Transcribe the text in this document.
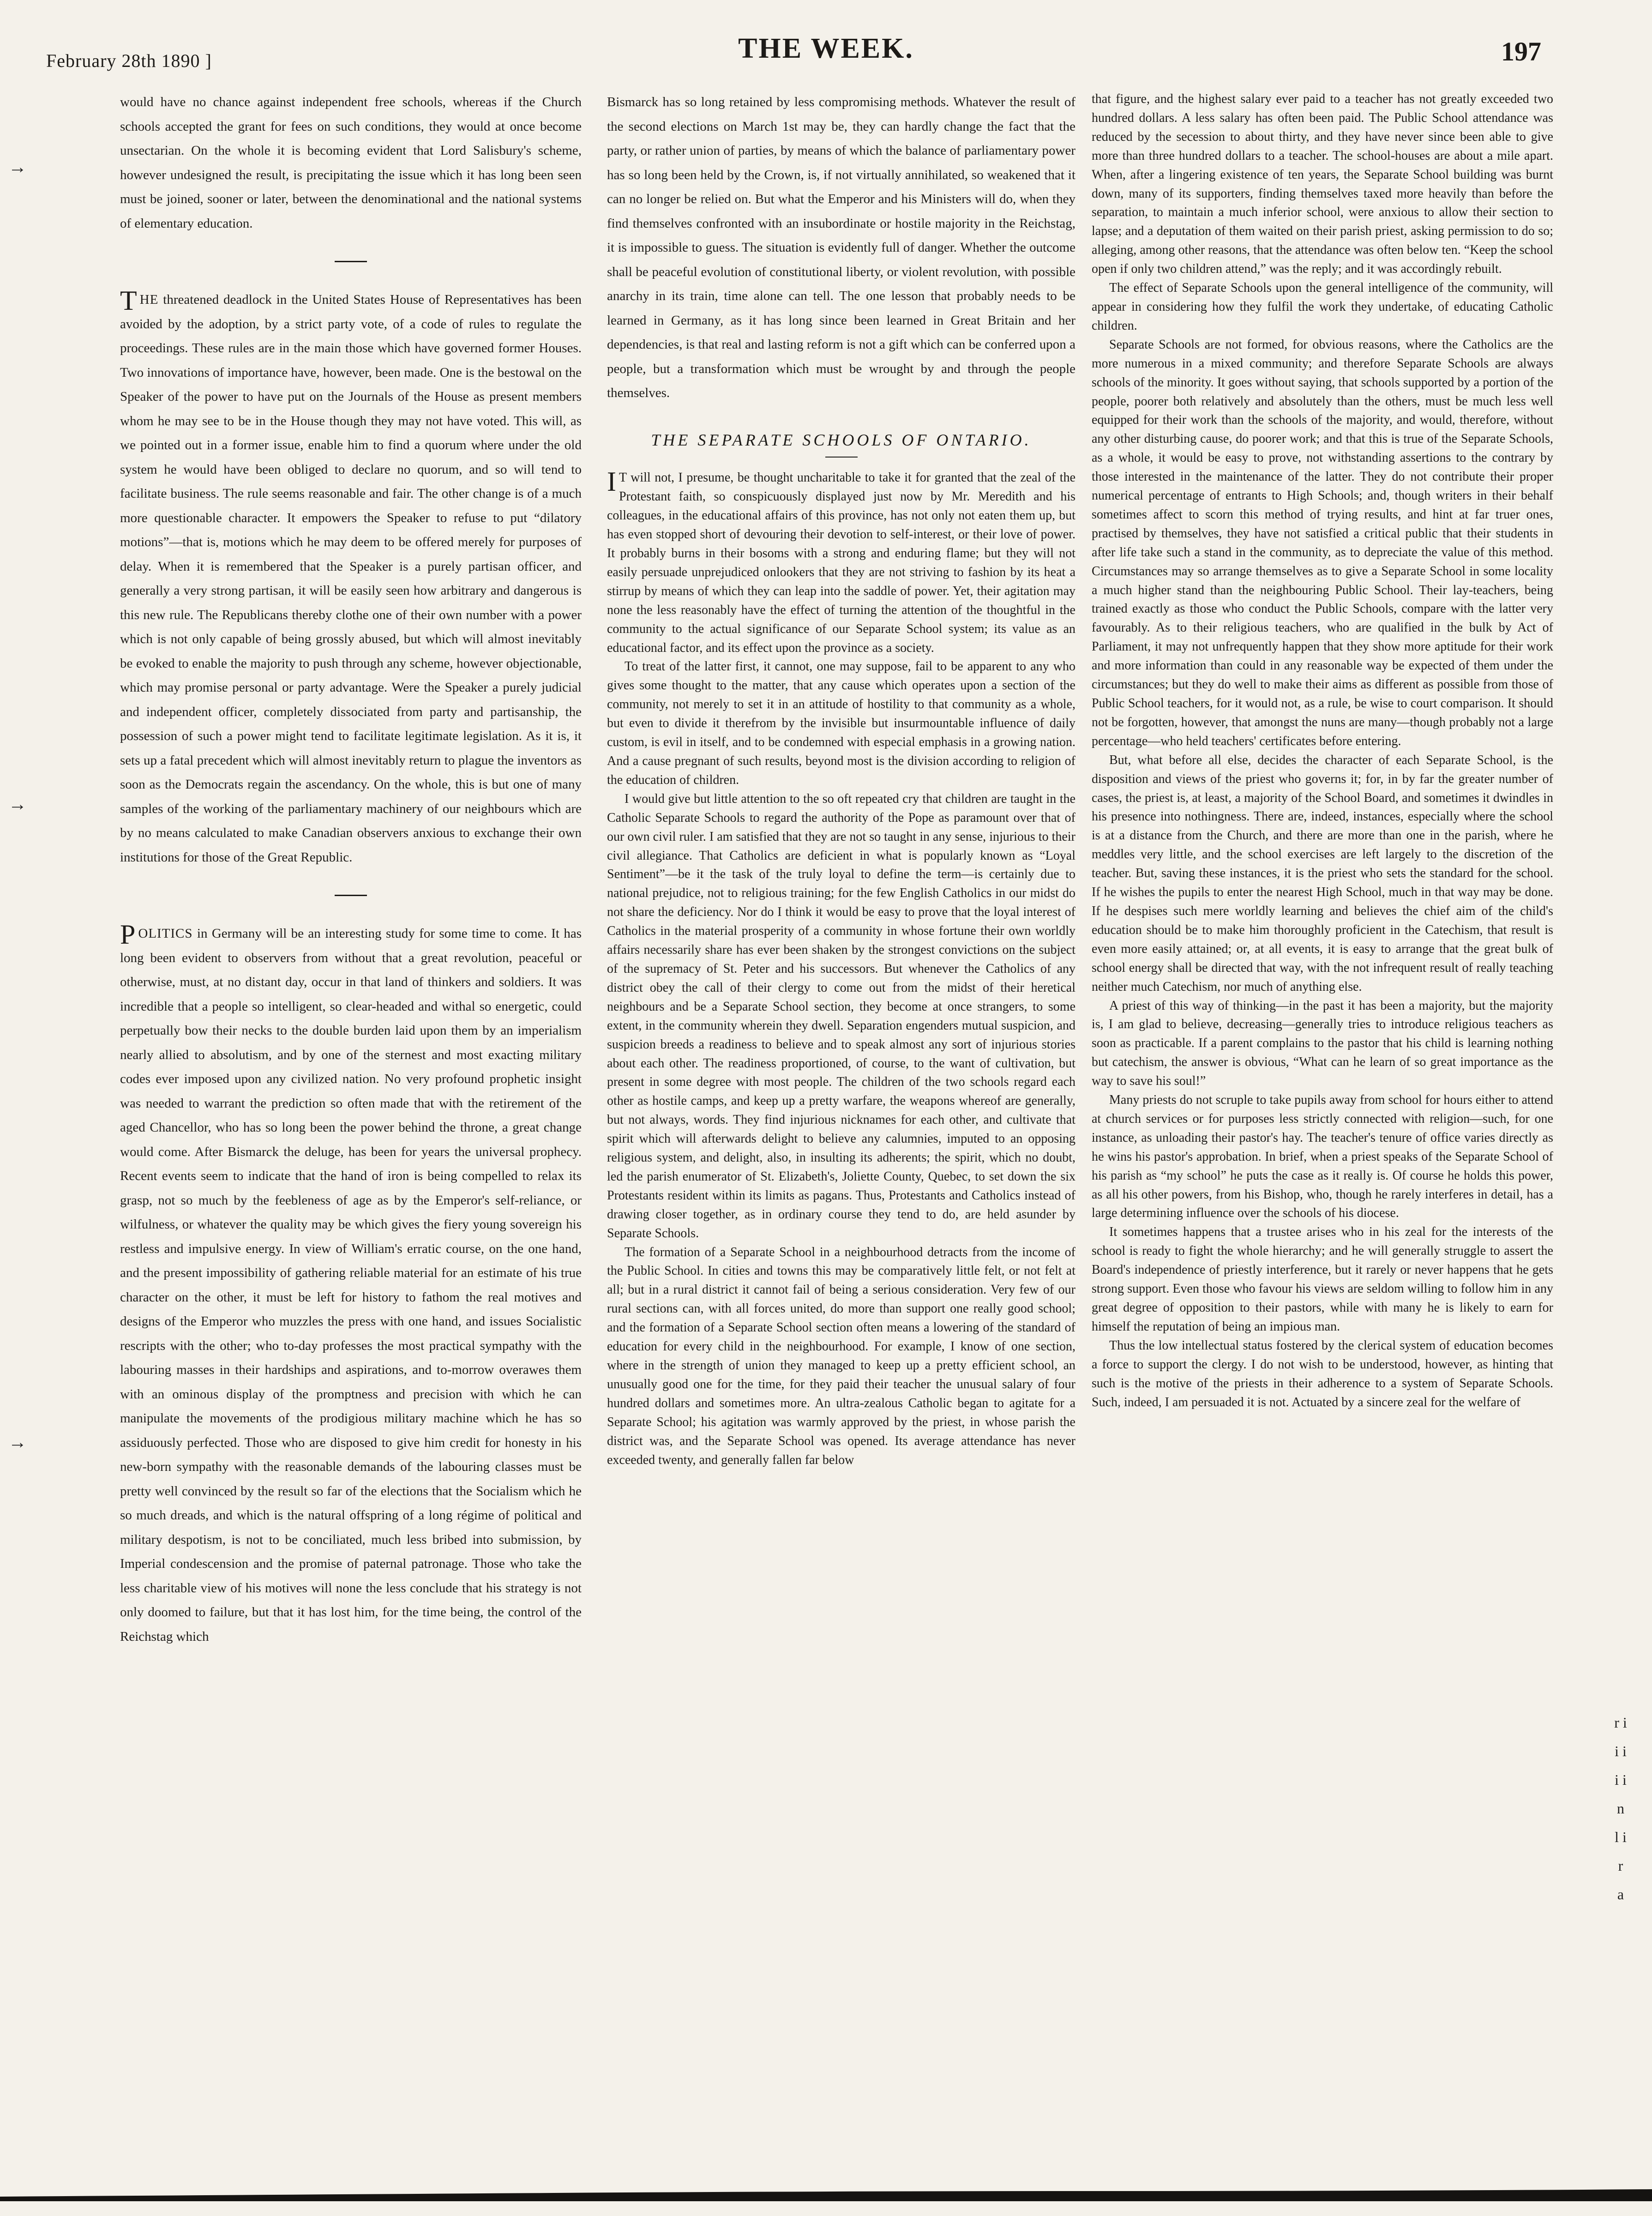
February 28th 1890 ]	THE WEEK.	197
→
→
→

would have no chance against independent free schools, whereas if the Church schools accepted the grant for fees on such conditions, they would at once become unsectarian. On the whole it is becoming evident that Lord Salisbury's scheme, however undesigned the result, is precipitating the issue which it has long been seen must be joined, sooner or later, between the denominational and the national systems of elementary education.

THE threatened deadlock in the United States House of Representatives has been avoided by the adoption, by a strict party vote, of a code of rules to regulate the proceedings. These rules are in the main those which have governed former Houses. Two innovations of importance have, however, been made. One is the bestowal on the Speaker of the power to have put on the Journals of the House as present members whom he may see to be in the House though they may not have voted. This will, as we pointed out in a former issue, enable him to find a quorum where under the old system he would have been obliged to declare no quorum, and so will tend to facilitate business. The rule seems reasonable and fair. The other change is of a much more questionable character. It empowers the Speaker to refuse to put “dilatory motions”—that is, motions which he may deem to be offered merely for purposes of delay. When it is remembered that the Speaker is a purely partisan officer, and generally a very strong partisan, it will be easily seen how arbitrary and dangerous is this new rule. The Republicans thereby clothe one of their own number with a power which is not only capable of being grossly abused, but which will almost inevitably be evoked to enable the majority to push through any scheme, however objectionable, which may promise personal or party advantage. Were the Speaker a purely judicial and independent officer, completely dissociated from party and partisanship, the possession of such a power might tend to facilitate legitimate legislation. As it is, it sets up a fatal precedent which will almost inevitably return to plague the inventors as soon as the Democrats regain the ascendancy. On the whole, this is but one of many samples of the working of the parliamentary machinery of our neighbours which are by no means calculated to make Canadian observers anxious to exchange their own institutions for those of the Great Republic.

POLITICS in Germany will be an interesting study for some time to come. It has long been evident to observers from without that a great revolution, peaceful or otherwise, must, at no distant day, occur in that land of thinkers and soldiers. It was incredible that a people so intelligent, so clear-headed and withal so energetic, could perpetually bow their necks to the double burden laid upon them by an imperialism nearly allied to absolutism, and by one of the sternest and most exacting military codes ever imposed upon any civilized nation. No very profound prophetic insight was needed to warrant the prediction so often made that with the retirement of the aged Chancellor, who has so long been the power behind the throne, a great change would come. After Bismarck the deluge, has been for years the universal prophecy. Recent events seem to indicate that the hand of iron is being compelled to relax its grasp, not so much by the feebleness of age as by the Emperor's self-reliance, or wilfulness, or whatever the quality may be which gives the fiery young sovereign his restless and impulsive energy. In view of William's erratic course, on the one hand, and the present impossibility of gathering reliable material for an estimate of his true character on the other, it must be left for history to fathom the real motives and designs of the Emperor who muzzles the press with one hand, and issues Socialistic rescripts with the other; who to-day professes the most practical sympathy with the labouring masses in their hardships and aspirations, and to-morrow overawes them with an ominous display of the promptness and precision with which he can manipulate the movements of the prodigious military machine which he has so assiduously perfected. Those who are disposed to give him credit for honesty in his new-born sympathy with the reasonable demands of the labouring classes must be pretty well convinced by the result so far of the elections that the Socialism which he so much dreads, and which is the natural offspring of a long régime of political and military despotism, is not to be conciliated, much less bribed into submission, by Imperial condescension and the promise of paternal patronage. Those who take the less charitable view of his motives will none the less conclude that his strategy is not only doomed to failure, but that it has lost him, for the time being, the control of the Reichstag which

Bismarck has so long retained by less compromising methods. Whatever the result of the second elections on March 1st may be, they can hardly change the fact that the party, or rather union of parties, by means of which the balance of parliamentary power has so long been held by the Crown, is, if not virtually annihilated, so weakened that it can no longer be relied on. But what the Emperor and his Ministers will do, when they find themselves confronted with an insubordinate or hostile majority in the Reichstag, it is impossible to guess. The situation is evidently full of danger. Whether the outcome shall be peaceful evolution of constitutional liberty, or violent revolution, with possible anarchy in its train, time alone can tell. The one lesson that probably needs to be learned in Germany, as it has long since been learned in Great Britain and her dependencies, is that real and lasting reform is not a gift which can be conferred upon a people, but a transformation which must be wrought by and through the people themselves.

THE SEPARATE SCHOOLS OF ONTARIO.

I T will not, I presume, be thought uncharitable to take it for granted that the zeal of the Protestant faith, so conspicuously displayed just now by Mr. Meredith and his colleagues, in the educational affairs of this province, has not only not eaten them up, but has even stopped short of devouring their devotion to self-interest, or their love of power. It probably burns in their bosoms with a strong and enduring flame; but they will not easily persuade unprejudiced onlookers that they are not striving to fashion by its heat a stirrup by means of which they can leap into the saddle of power. Yet, their agitation may none the less reasonably have the effect of turning the attention of the thoughtful in the community to the actual significance of our Separate School system; its value as an educational factor, and its effect upon the province as a society.

To treat of the latter first, it cannot, one may suppose, fail to be apparent to any who gives some thought to the matter, that any cause which operates upon a section of the community, not merely to set it in an attitude of hostility to that community as a whole, but even to divide it therefrom by the invisible but insurmountable influence of daily custom, is evil in itself, and to be condemned with especial emphasis in a growing nation. And a cause pregnant of such results, beyond most is the division according to religion of the education of children.

I would give but little attention to the so oft repeated cry that children are taught in the Catholic Separate Schools to regard the authority of the Pope as paramount over that of our own civil ruler. I am satisfied that they are not so taught in any sense, injurious to their civil allegiance. That Catholics are deficient in what is popularly known as “Loyal Sentiment”—be it the task of the truly loyal to define the term—is certainly due to national prejudice, not to religious training; for the few English Catholics in our midst do not share the deficiency. Nor do I think it would be easy to prove that the loyal interest of Catholics in the material prosperity of a community in whose fortune their own worldly affairs necessarily share has ever been shaken by the strongest convictions on the subject of the supremacy of St. Peter and his successors. But whenever the Catholics of any district obey the call of their clergy to come out from the midst of their heretical neighbours and be a Separate School section, they become at once strangers, to some extent, in the community wherein they dwell. Separation engenders mutual suspicion, and suspicion breeds a readiness to believe and to speak almost any sort of injurious stories about each other. The readiness proportioned, of course, to the want of cultivation, but present in some degree with most people. The children of the two schools regard each other as hostile camps, and keep up a pretty warfare, the weapons whereof are generally, but not always, words. They find injurious nicknames for each other, and cultivate that spirit which will afterwards delight to believe any calumnies, imputed to an opposing religious system, and delight, also, in insulting its adherents; the spirit, which no doubt, led the parish enumerator of St. Elizabeth's, Joliette County, Quebec, to set down the six Protestants resident within its limits as pagans. Thus, Protestants and Catholics instead of drawing closer together, as in ordinary course they tend to do, are held asunder by Separate Schools.

The formation of a Separate School in a neighbourhood detracts from the income of the Public School. In cities and towns this may be comparatively little felt, or not felt at all; but in a rural district it cannot fail of being a serious consideration. Very few of our rural sections can, with all forces united, do more than support one really good school; and the formation of a Separate School section often means a lowering of the standard of education for every child in the neighbourhood. For example, I know of one section, where in the strength of union they managed to keep up a pretty efficient school, an unusually good one for the time, for they paid their teacher the unusual salary of four hundred dollars and sometimes more. An ultra-zealous Catholic began to agitate for a Separate School; his agitation was warmly approved by the priest, in whose parish the district was, and the Separate School was opened. Its average attendance has never exceeded twenty, and generally fallen far below

that figure, and the highest salary ever paid to a teacher has not greatly exceeded two hundred dollars. A less salary has often been paid. The Public School attendance was reduced by the secession to about thirty, and they have never since been able to give more than three hundred dollars to a teacher. The school-houses are about a mile apart. When, after a lingering existence of ten years, the Separate School building was burnt down, many of its supporters, finding themselves taxed more heavily than before the separation, to maintain a much inferior school, were anxious to allow their section to lapse; and a deputation of them waited on their parish priest, asking permission to do so; alleging, among other reasons, that the attendance was often below ten. “Keep the school open if only two children attend,” was the reply; and it was accordingly rebuilt.

The effect of Separate Schools upon the general intelligence of the community, will appear in considering how they fulfil the work they undertake, of educating Catholic children.

Separate Schools are not formed, for obvious reasons, where the Catholics are the more numerous in a mixed community; and therefore Separate Schools are always schools of the minority. It goes without saying, that schools supported by a portion of the people, poorer both relatively and absolutely than the others, must be much less well equipped for their work than the schools of the majority, and would, therefore, without any other disturbing cause, do poorer work; and that this is true of the Separate Schools, as a whole, it would be easy to prove, not withstanding assertions to the contrary by those interested in the maintenance of the latter. They do not contribute their proper numerical percentage of entrants to High Schools; and, though writers in their behalf sometimes affect to scorn this method of trying results, and hint at far truer ones, practised by themselves, they have not satisfied a critical public that their students in after life take such a stand in the community, as to depreciate the value of this method. Circumstances may so arrange themselves as to give a Separate School in some locality a much higher stand than the neighbouring Public School. Their lay-teachers, being trained exactly as those who conduct the Public Schools, compare with the latter very favourably. As to their religious teachers, who are qualified in the bulk by Act of Parliament, it may not unfrequently happen that they show more aptitude for their work and more information than could in any reasonable way be expected of them under the circumstances; but they do well to make their aims as different as possible from those of Public School teachers, for it would not, as a rule, be wise to court comparison. It should not be forgotten, however, that amongst the nuns are many—though probably not a large percentage—who held teachers' certificates before entering.

But, what before all else, decides the character of each Separate School, is the disposition and views of the priest who governs it; for, in by far the greater number of cases, the priest is, at least, a majority of the School Board, and sometimes it dwindles in his presence into nothingness. There are, indeed, instances, especially where the school is at a distance from the Church, and there are more than one in the parish, where he meddles very little, and the school exercises are left largely to the discretion of the teacher. But, saving these instances, it is the priest who sets the standard for the school. If he wishes the pupils to enter the nearest High School, much in that way may be done. If he despises such mere worldly learning and believes the chief aim of the child's education should be to make him thoroughly proficient in the Catechism, that result is even more easily attained; or, at all events, it is easy to arrange that the great bulk of school energy shall be directed that way, with the not infrequent result of really teaching neither much Catechism, nor much of anything else.

A priest of this way of thinking—in the past it has been a majority, but the majority is, I am glad to believe, decreasing—generally tries to introduce religious teachers as soon as practicable. If a parent complains to the pastor that his child is learning nothing but catechism, the answer is obvious, “What can he learn of so great importance as the way to save his soul!”

Many priests do not scruple to take pupils away from school for hours either to attend at church services or for purposes less strictly connected with religion—such, for one instance, as unloading their pastor's hay. The teacher's tenure of office varies directly as he wins his pastor's approbation. In brief, when a priest speaks of the Separate School of his parish as “my school” he puts the case as it really is. Of course he holds this power, as all his other powers, from his Bishop, who, though he rarely interferes in detail, has a large determining influence over the schools of his diocese.

It sometimes happens that a trustee arises who in his zeal for the interests of the school is ready to fight the whole hierarchy; and he will generally struggle to assert the Board's independence of priestly interference, but it rarely or never happens that he gets strong support. Even those who favour his views are seldom willing to follow him in any great degree of opposition to their pastors, while with many he is likely to earn for himself the reputation of being an impious man.

Thus the low intellectual status fostered by the clerical system of education becomes a force to support the clergy. I do not wish to be understood, however, as hinting that such is the motive of the priests in their adherence to a system of Separate Schools. Such, indeed, I am persuaded it is not. Actuated by a sincere zeal for the welfare of

r i i i i i n l i r a
